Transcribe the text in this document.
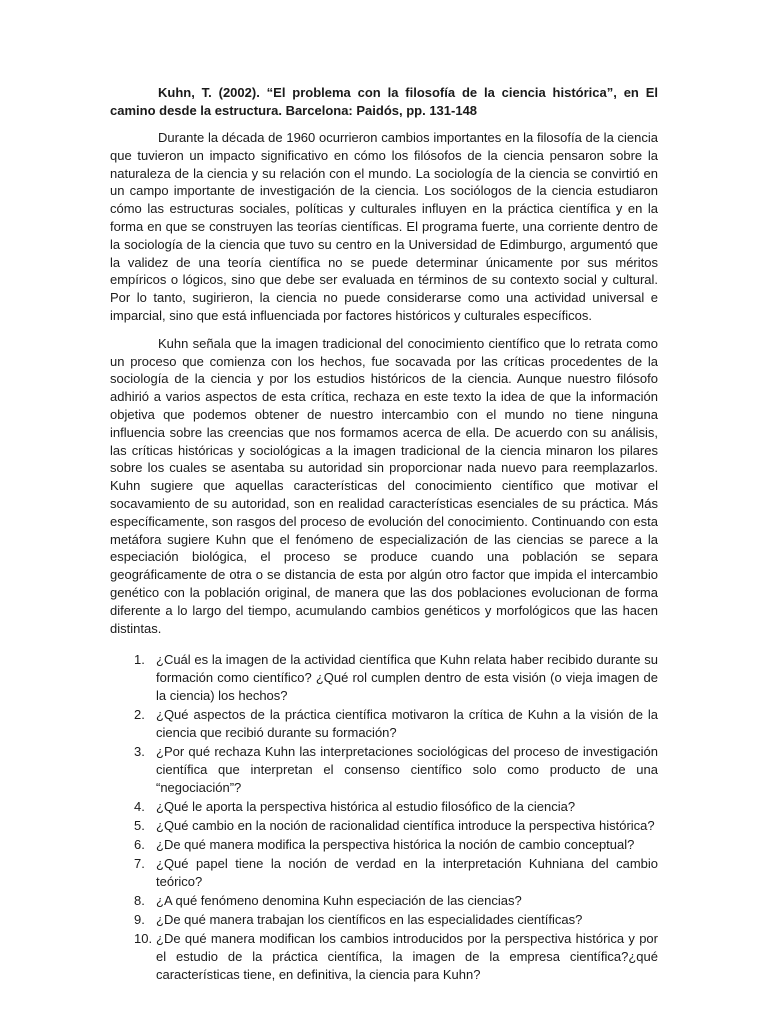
Kuhn, T. (2002). “El problema con la filosofía de la ciencia histórica”, en El camino desde la estructura. Barcelona: Paidós, pp. 131-148

Durante la década de 1960 ocurrieron cambios importantes en la filosofía de la ciencia que tuvieron un impacto significativo en cómo los filósofos de la ciencia pensaron sobre la naturaleza de la ciencia y su relación con el mundo. La sociología de la ciencia se convirtió en un campo importante de investigación de la ciencia. Los sociólogos de la ciencia estudiaron cómo las estructuras sociales, políticas y culturales influyen en la práctica científica y en la forma en que se construyen las teorías científicas. El programa fuerte, una corriente dentro de la sociología de la ciencia que tuvo su centro en la Universidad de Edimburgo, argumentó que la validez de una teoría científica no se puede determinar únicamente por sus méritos empíricos o lógicos, sino que debe ser evaluada en términos de su contexto social y cultural. Por lo tanto, sugirieron, la ciencia no puede considerarse como una actividad universal e imparcial, sino que está influenciada por factores históricos y culturales específicos.

Kuhn señala que la imagen tradicional del conocimiento científico que lo retrata como un proceso que comienza con los hechos, fue socavada por las críticas procedentes de la sociología de la ciencia y por los estudios históricos de la ciencia. Aunque nuestro filósofo adhirió a varios aspectos de esta crítica, rechaza en este texto la idea de que la información objetiva que podemos obtener de nuestro intercambio con el mundo no tiene ninguna influencia sobre las creencias que nos formamos acerca de ella. De acuerdo con su análisis, las críticas históricas y sociológicas a la imagen tradicional de la ciencia minaron los pilares sobre los cuales se asentaba su autoridad sin proporcionar nada nuevo para reemplazarlos. Kuhn sugiere que aquellas características del conocimiento científico que motivar el socavamiento de su autoridad, son en realidad características esenciales de su práctica. Más específicamente, son rasgos del proceso de evolución del conocimiento. Continuando con esta metáfora sugiere Kuhn que el fenómeno de especialización de las ciencias se parece a la especiación biológica, el proceso se produce cuando una población se separa geográficamente de otra o se distancia de esta por algún otro factor que impida el intercambio genético con la población original, de manera que las dos poblaciones evolucionan de forma diferente a lo largo del tiempo, acumulando cambios genéticos y morfológicos que las hacen distintas.

1. ¿Cuál es la imagen de la actividad científica que Kuhn relata haber recibido durante su formación como científico? ¿Qué rol cumplen dentro de esta visión (o vieja imagen de la ciencia) los hechos?
2. ¿Qué aspectos de la práctica científica motivaron la crítica de Kuhn a la visión de la ciencia que recibió durante su formación?
3. ¿Por qué rechaza Kuhn las interpretaciones sociológicas del proceso de investigación científica que interpretan el consenso científico solo como producto de una “negociación”?
4. ¿Qué le aporta la perspectiva histórica al estudio filosófico de la ciencia?
5. ¿Qué cambio en la noción de racionalidad científica introduce la perspectiva histórica?
6. ¿De qué manera modifica la perspectiva histórica la noción de cambio conceptual?
7. ¿Qué papel tiene la noción de verdad en la interpretación Kuhniana del cambio teórico?
8. ¿A qué fenómeno denomina Kuhn especiación de las ciencias?
9. ¿De qué manera trabajan los científicos en las especialidades científicas?
10. ¿De qué manera modifican los cambios introducidos por la perspectiva histórica y por el estudio de la práctica científica, la imagen de la empresa científica?¿qué características tiene, en definitiva, la ciencia para Kuhn?
